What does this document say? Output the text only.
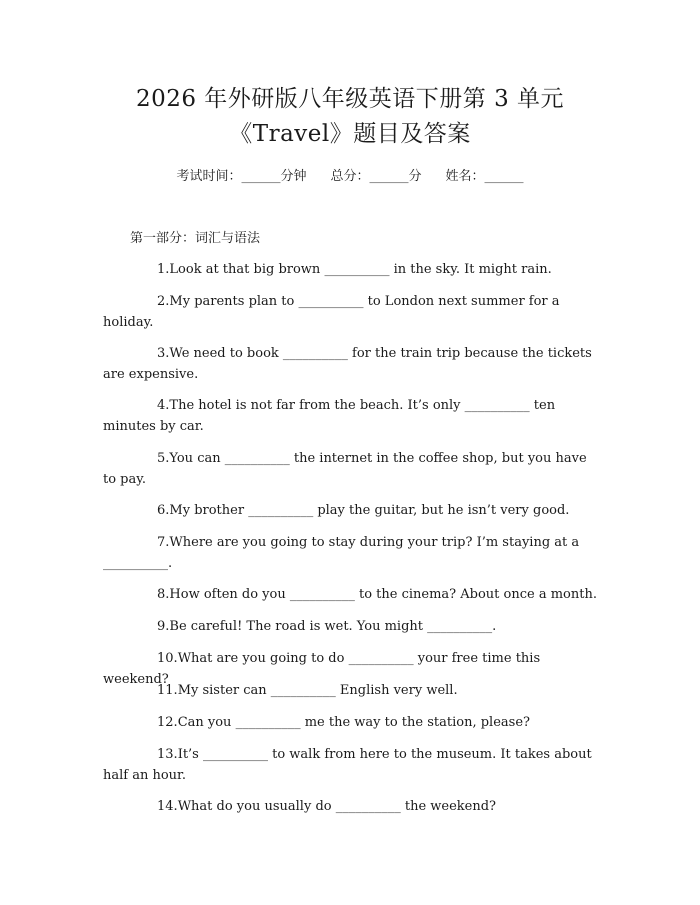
2026 年外研版八年级英语下册第 3 单元
《Travel》题目及答案
考试时间：______分钟 总分：______分 姓名：______
第一部分：词汇与语法
1.Look at that big brown __________ in the sky. It might rain.
2.My parents plan to __________ to London next summer for a holiday.
3.We need to book __________ for the train trip because the tickets are expensive.
4.The hotel is not far from the beach. It’s only __________ ten minutes by car.
5.You can __________ the internet in the coffee shop, but you have to pay.
6.My brother __________ play the guitar, but he isn’t very good.
7.Where are you going to stay during your trip? I’m staying at a __________.
8.How often do you __________ to the cinema? About once a month.
9.Be careful! The road is wet. You might __________.
10.What are you going to do __________ your free time this weekend?
11.My sister can __________ English very well.
12.Can you __________ me the way to the station, please?
13.It’s __________ to walk from here to the museum. It takes about half an hour.
14.What do you usually do __________ the weekend?
